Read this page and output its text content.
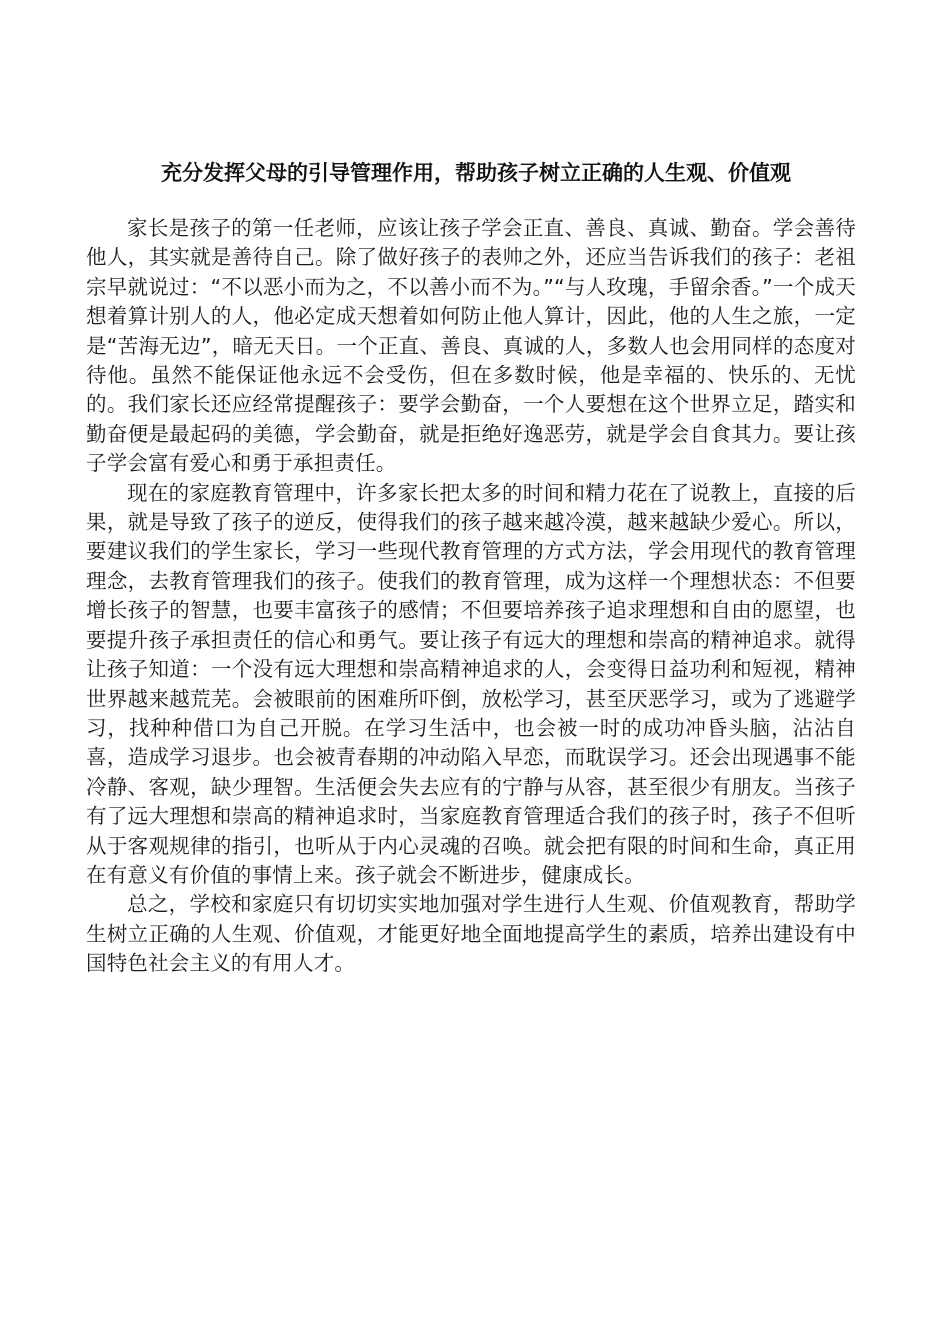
充分发挥父母的引导管理作用，帮助孩子树立正确的人生观、价值观

家长是孩子的第一任老师，应该让孩子学会正直、善良、真诚、勤奋。学会善待他人，其实就是善待自己。除了做好孩子的表帅之外，还应当告诉我们的孩子：老祖宗早就说过：“不以恶小而为之，不以善小而不为。”“与人玫瑰，手留余香。”一个成天想着算计别人的人，他必定成天想着如何防止他人算计，因此，他的人生之旅，一定是“苦海无边”，暗无天日。一个正直、善良、真诚的人，多数人也会用同样的态度对待他。虽然不能保证他永远不会受伤，但在多数时候，他是幸福的、快乐的、无忧的。我们家长还应经常提醒孩子：要学会勤奋，一个人要想在这个世界立足，踏实和勤奋便是最起码的美德，学会勤奋，就是拒绝好逸恶劳，就是学会自食其力。要让孩子学会富有爱心和勇于承担责任。

现在的家庭教育管理中，许多家长把太多的时间和精力花在了说教上，直接的后果，就是导致了孩子的逆反，使得我们的孩子越来越冷漠，越来越缺少爱心。所以，要建议我们的学生家长，学习一些现代教育管理的方式方法，学会用现代的教育管理理念，去教育管理我们的孩子。使我们的教育管理，成为这样一个理想状态：不但要增长孩子的智慧，也要丰富孩子的感情；不但要培养孩子追求理想和自由的愿望，也要提升孩子承担责任的信心和勇气。要让孩子有远大的理想和崇高的精神追求。就得让孩子知道：一个没有远大理想和崇高精神追求的人，会变得日益功利和短视，精神世界越来越荒芜。会被眼前的困难所吓倒，放松学习，甚至厌恶学习，或为了逃避学习，找种种借口为自己开脱。在学习生活中，也会被一时的成功冲昏头脑，沾沾自喜，造成学习退步。也会被青春期的冲动陷入早恋，而耽误学习。还会出现遇事不能冷静、客观，缺少理智。生活便会失去应有的宁静与从容，甚至很少有朋友。当孩子有了远大理想和崇高的精神追求时，当家庭教育管理适合我们的孩子时，孩子不但听从于客观规律的指引，也听从于内心灵魂的召唤。就会把有限的时间和生命，真正用在有意义有价值的事情上来。孩子就会不断进步，健康成长。

总之，学校和家庭只有切切实实地加强对学生进行人生观、价值观教育，帮助学生树立正确的人生观、价值观，才能更好地全面地提高学生的素质，培养出建设有中国特色社会主义的有用人才。
